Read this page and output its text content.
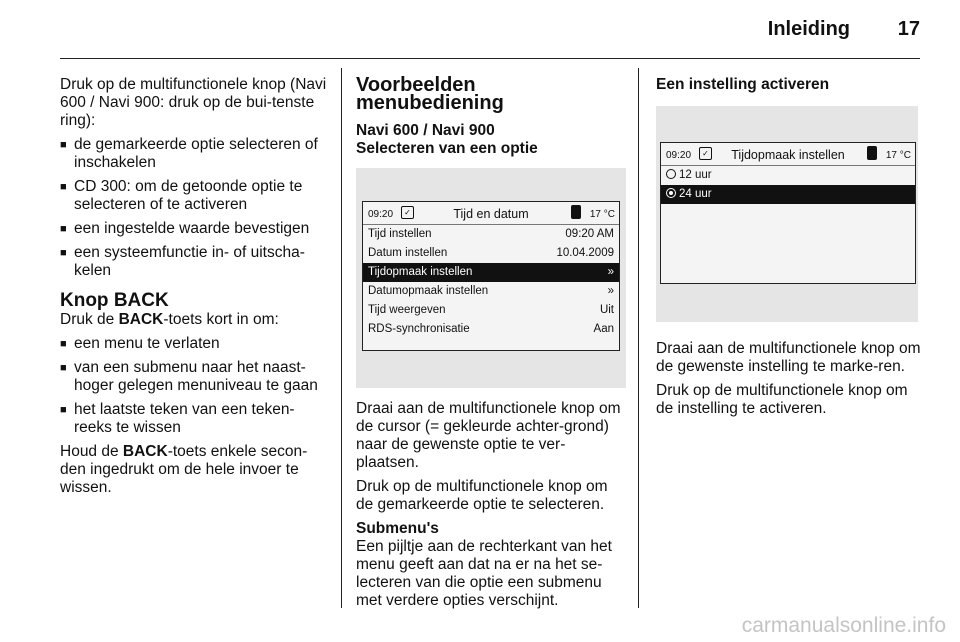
Inleiding 17

Druk op de multifunctionele knop (Navi 600 / Navi 900: druk op de bui-tenste ring):

■ de gemarkeerde optie selecteren of inschakelen
■ CD 300: om de getoonde optie te selecteren of te activeren
■ een ingestelde waarde bevestigen
■ een systeemfunctie in- of uitscha-kelen
Knop BACK

Druk de BACK-toets kort in om:

■ een menu te verlaten
■ van een submenu naar het naast-hoger gelegen menuniveau te gaan
■ het laatste teken van een teken-reeks te wissen

Houd de BACK-toets enkele secon-den ingedrukt om de hele invoer te wissen.

Voorbeelden menubediening
Navi 600 / Navi 900
Selecteren van een optie
09:20	✓	Tijd en datum	17 °C
Tijd instellen	09:20 AM
Datum instellen	10.04.2009
Tijdopmaak instellen	»
Datumopmaak instellen	»
Tijd weergeven	Uit
RDS-synchronisatie	Aan

Draai aan de multifunctionele knop om de cursor (= gekleurde achter-grond) naar de gewenste optie te ver-plaatsen.

Druk op de multifunctionele knop om de gemarkeerde optie te selecteren.

Submenu's

Een pijltje aan de rechterkant van het menu geeft aan dat na er na het se-lecteren van die optie een submenu met verdere opties verschijnt.

Een instelling activeren
09:20	✓	Tijdopmaak instellen	17 °C
12 uur
24 uur

Draai aan de multifunctionele knop om de gewenste instelling te marke-ren.

Druk op de multifunctionele knop om de instelling te activeren.

carmanualsonline.info
